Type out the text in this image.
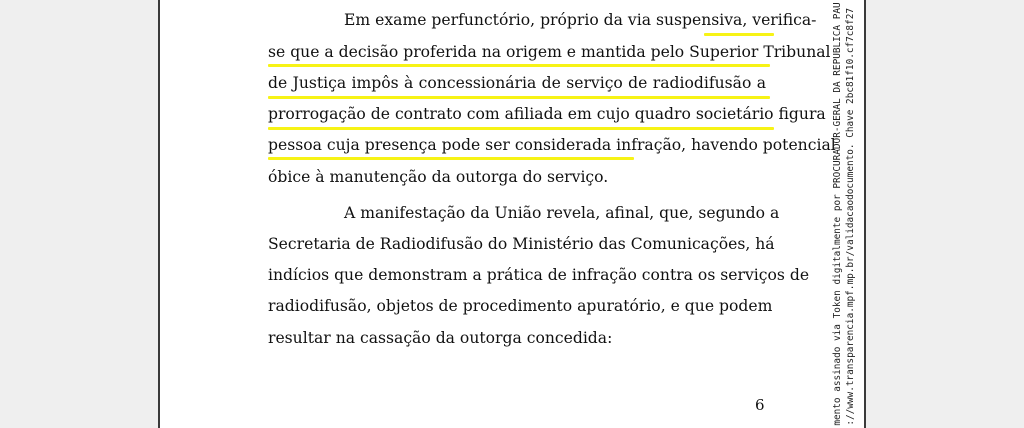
Em exame perfunctório, próprio da via suspensiva, verifica-
se que a decisão proferida na origem e mantida pelo Superior Tribunal
de Justiça impôs à concessionária de serviço de radiodifusão a
prorrogação de contrato com afiliada em cujo quadro societário figura
pessoa cuja presença pode ser considerada infração, havendo potencial
óbice à manutenção da outorga do serviço.
A manifestação da União revela, afinal, que, segundo a
Secretaria de Radiodifusão do Ministério das Comunicações, há
indícios que demonstram a prática de infração contra os serviços de
radiodifusão, objetos de procedimento apuratório, e que podem
resultar na cassação da outorga concedida:
6	mento assinado via Token digitalmente por PROCURADOR-GERAL DA REPUBLICA PAU ://www.transparencia.mpf.mp.br/validacaodocumento. Chave 2bc81f10.cf7c8f27
